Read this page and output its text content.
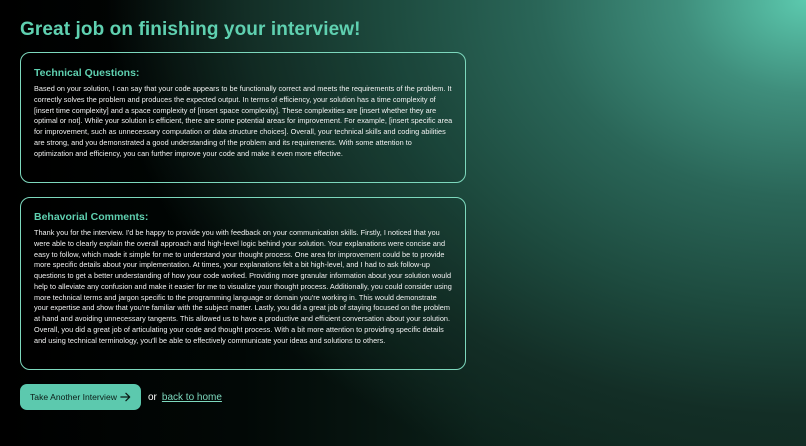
Great job on finishing your interview!
Technical Questions:

Based on your solution, I can say that your code appears to be functionally correct and meets the requirements of the problem. It correctly solves the problem and produces the expected output. In terms of efficiency, your solution has a time complexity of [insert time complexity] and a space complexity of [insert space complexity]. These complexities are [insert whether they are optimal or not]. While your solution is efficient, there are some potential areas for improvement. For example, [insert specific area for improvement, such as unnecessary computation or data structure choices]. Overall, your technical skills and coding abilities are strong, and you demonstrated a good understanding of the problem and its requirements. With some attention to optimization and efficiency, you can further improve your code and make it even more effective.

Behavorial Comments:

Thank you for the interview. I'd be happy to provide you with feedback on your communication skills. Firstly, I noticed that you were able to clearly explain the overall approach and high-level logic behind your solution. Your explanations were concise and easy to follow, which made it simple for me to understand your thought process. One area for improvement could be to provide more specific details about your implementation. At times, your explanations felt a bit high-level, and I had to ask follow-up questions to get a better understanding of how your code worked. Providing more granular information about your solution would help to alleviate any confusion and make it easier for me to visualize your thought process. Additionally, you could consider using more technical terms and jargon specific to the programming language or domain you're working in. This would demonstrate your expertise and show that you're familiar with the subject matter. Lastly, you did a great job of staying focused on the problem at hand and avoiding unnecessary tangents. This allowed us to have a productive and efficient conversation about your solution. Overall, you did a great job of articulating your code and thought process. With a bit more attention to providing specific details and using technical terminology, you'll be able to effectively communicate your ideas and solutions to others.

Take Another Interview	or back to home
